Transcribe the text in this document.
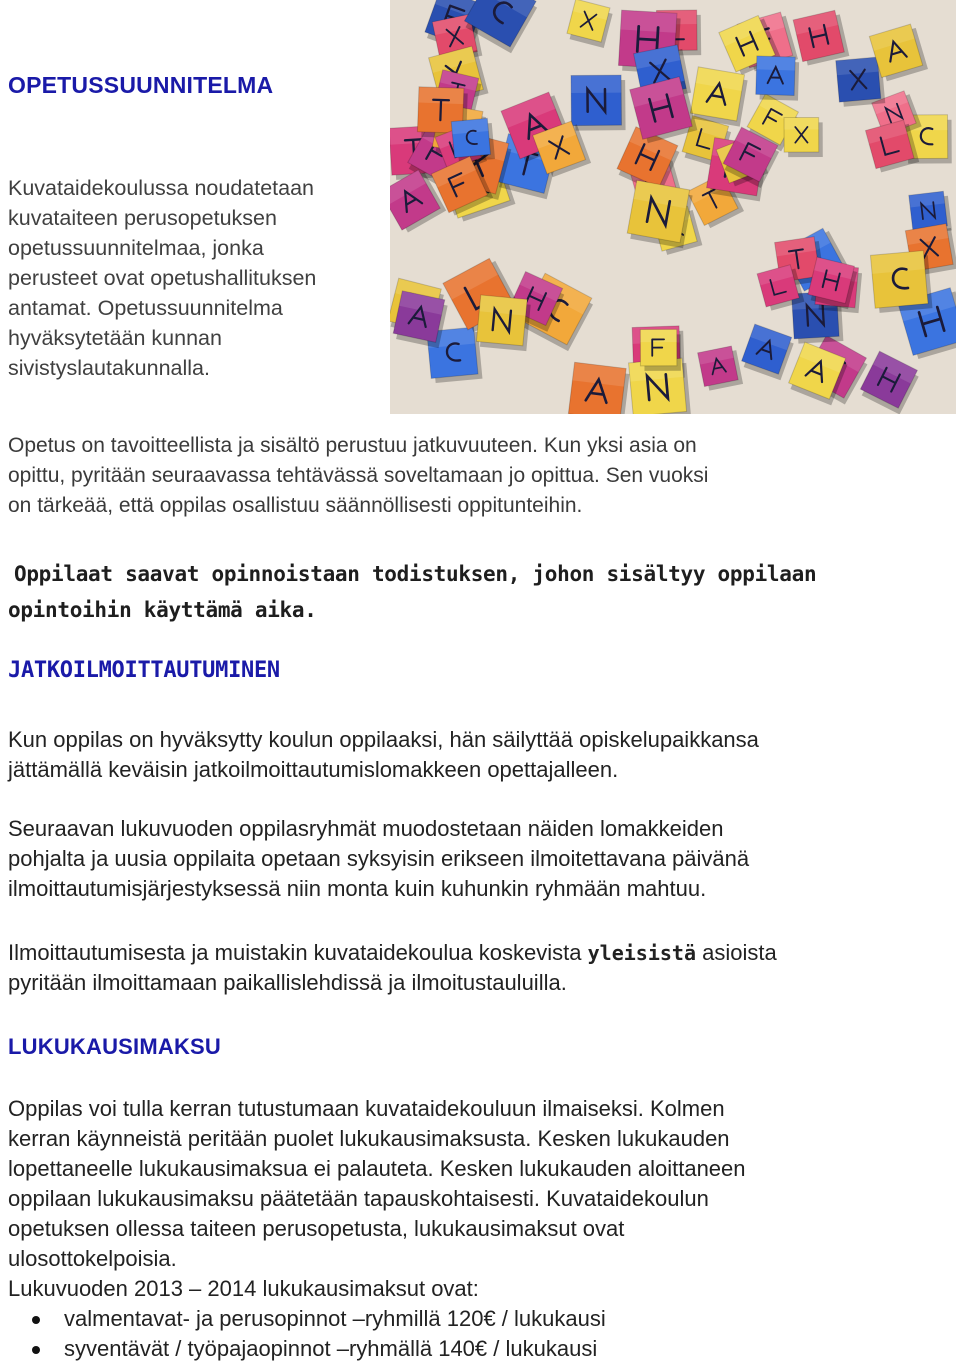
OPETUSSUUNNITELMA
Kuvataidekoulussa noudatetaan
kuvataiteen perusopetuksen
opetussuunnitelmaa, jonka
perusteet ovat opetushallituksen
antamat. Opetussuunnitelma
hyväksytetään kunnan
sivistyslautakunnalla.
Opetus on tavoitteellista ja sisältö perustuu jatkuvuuteen. Kun yksi asia on
opittu, pyritään seuraavassa tehtävässä soveltamaan jo opittua. Sen vuoksi
on tärkeää, että oppilas osallistuu säännöllisesti oppitunteihin.
Oppilaat saavat opinnoistaan todistuksen, johon sisältyy oppilaan
opintoihin käyttämä aika.
JATKOILMOITTAUTUMINEN
Kun oppilas on hyväksytty koulun oppilaaksi, hän säilyttää opiskelupaikkansa
jättämällä keväisin jatkoilmoittautumislomakkeen opettajalleen.
Seuraavan lukuvuoden oppilasryhmät muodostetaan näiden lomakkeiden
pohjalta ja uusia oppilaita opetaan syksyisin erikseen ilmoitettavana päivänä
ilmoittautumisjärjestyksessä niin monta kuin kuhunkin ryhmään mahtuu.
Ilmoittautumisesta ja muistakin kuvataidekoulua koskevista yleisistä asioista
pyritään ilmoittamaan paikallislehdissä ja ilmoitustauluilla.
LUKUKAUSIMAKSU
Oppilas voi tulla kerran tutustumaan kuvataidekouluun ilmaiseksi. Kolmen
kerran käynneistä peritään puolet lukukausimaksusta. Kesken lukukauden
lopettaneelle lukukausimaksua ei palauteta. Kesken lukukauden aloittaneen
oppilaan lukukausimaksu päätetään tapauskohtaisesti. Kuvataidekoulun
opetuksen ollessa taiteen perusopetusta, lukukausimaksut ovat
ulosottokelpoisia.
Lukuvuoden 2013 – 2014 lukukausimaksut ovat:
valmentavat- ja perusopinnot –ryhmillä 120€ / lukukausi
syventävät / työpajaopinnot –ryhmällä 140€ / lukukausi
